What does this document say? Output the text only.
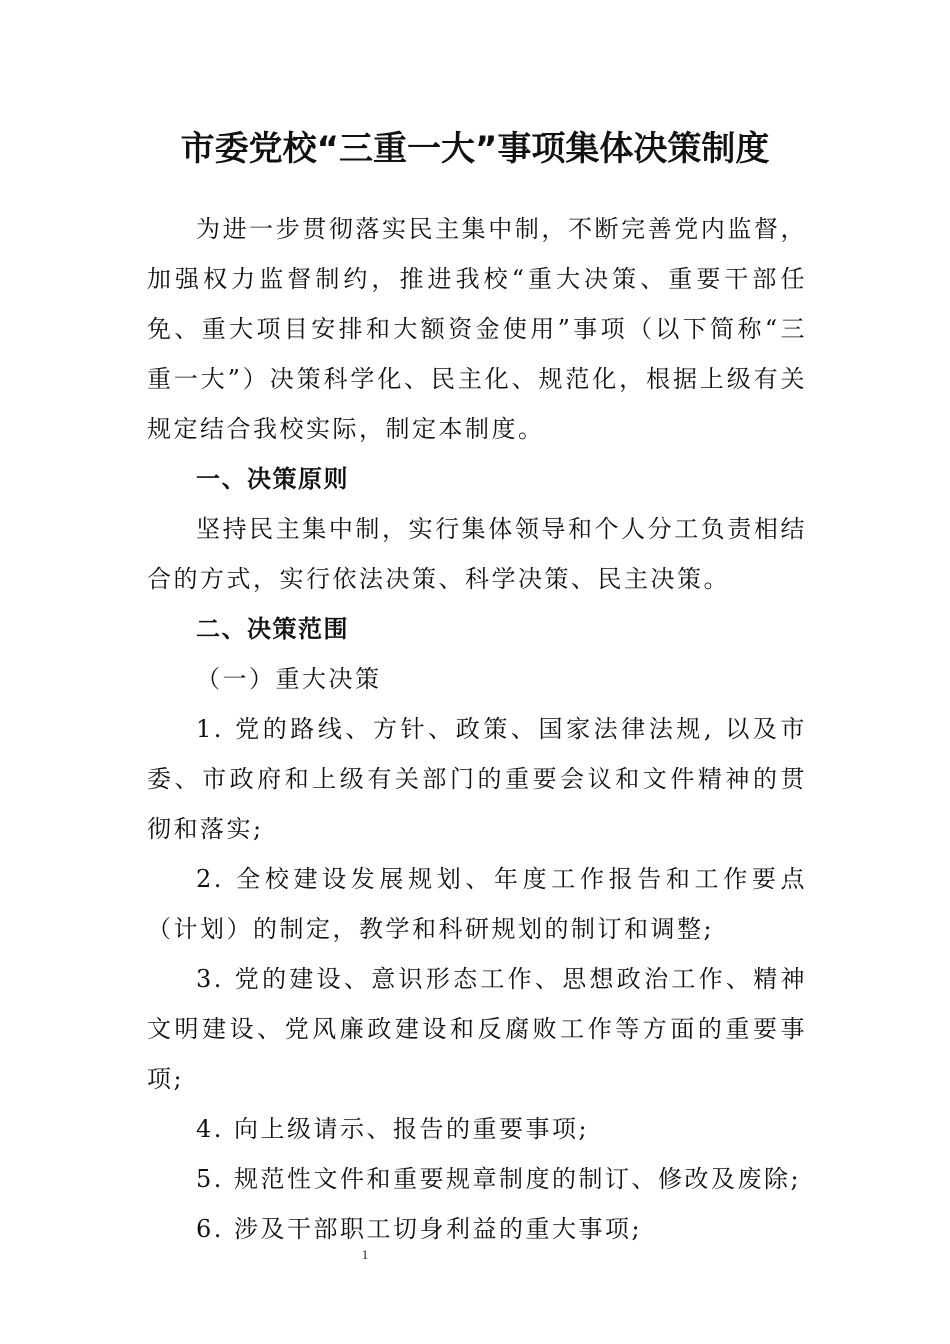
市委党校“三重一大”事项集体决策制度

为进一步贯彻落实民主集中制，不断完善党内监督，加强权力监督制约，推进我校“重大决策、重要干部任免、重大项目安排和大额资金使用”事项（以下简称“三重一大”）决策科学化、民主化、规范化，根据上级有关规定结合我校实际，制定本制度。

一、决策原则

坚持民主集中制，实行集体领导和个人分工负责相结合的方式，实行依法决策、科学决策、民主决策。

二、决策范围

（一）重大决策

1. 党的路线、方针、政策、国家法律法规, 以及市委、市政府和上级有关部门的重要会议和文件精神的贯彻和落实;

2. 全校建设发展规划、年度工作报告和工作要点（计划）的制定，教学和科研规划的制订和调整;

3. 党的建设、意识形态工作、思想政治工作、精神文明建设、党风廉政建设和反腐败工作等方面的重要事项;

4. 向上级请示、报告的重要事项;

5. 规范性文件和重要规章制度的制订、修改及废除;

6. 涉及干部职工切身利益的重大事项;

1
